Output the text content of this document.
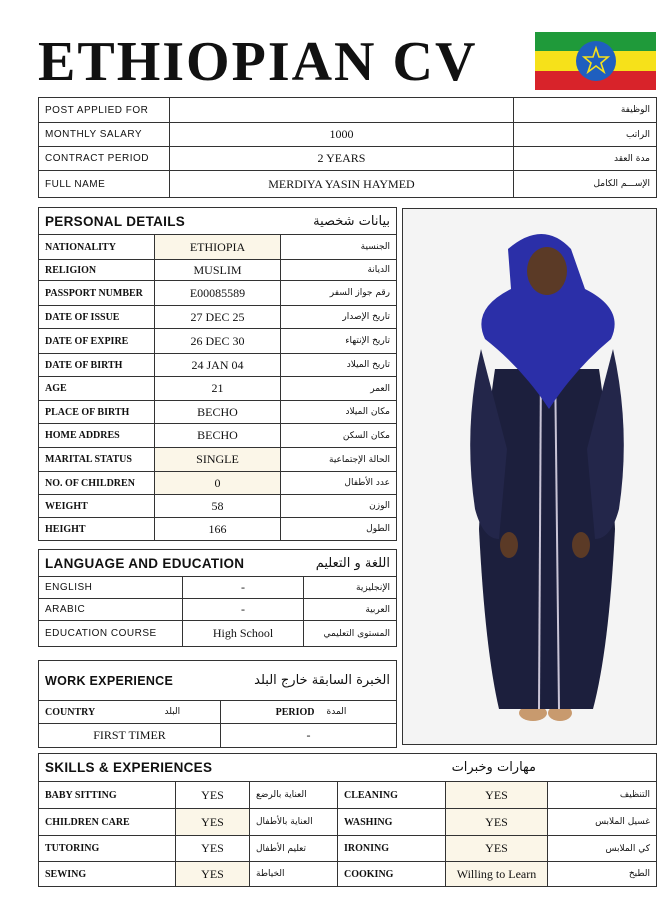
ETHIOPIAN CV
POST APPLIED FOR		الوظيفة
MONTHLY SALARY	1000	الراتب
CONTRACT PERIOD	2 YEARS	مدة العقد
FULL NAME	MERDIYA YASIN HAYMED	الإســـم الكامل
PERSONAL DETAILS		بيانات شخصية
NATIONALITY	ETHIOPIA	الجنسية
RELIGION	MUSLIM	الديانة
PASSPORT NUMBER	E00085589	رقم جواز السفر
DATE OF ISSUE	27 DEC 25	تاريخ الإصدار
DATE OF EXPIRE	26 DEC 30	تاريخ الإنتهاء
DATE OF BIRTH	24 JAN 04	تاريخ الميلاد
AGE	21	العمر
PLACE OF BIRTH	BECHO	مكان الميلاد
HOME ADDRES	BECHO	مكان السكن
MARITAL STATUS	SINGLE	الحالة الإجتماعية
NO. OF CHILDREN	0	عدد الأطفال
WEIGHT	58	الوزن
HEIGHT	166	الطول
LANGUAGE AND EDUCATION		اللغة و التعليم
ENGLISH	-	الإنجليزية
ARABIC	-	العربية
EDUCATION COURSE	High School	المستوى التعليمي
WORK EXPERIENCE		الخبرة السابقة خارج البلد	
COUNTRY	البلد	PERIOD	المدة
FIRST TIMER		-	
SKILLS & EXPERIENCES			مهارات وخبرات		
BABY SITTING	YES	العناية بالرضع	CLEANING	YES	التنظيف
CHILDREN CARE	YES	العناية بالأطفال	WASHING	YES	غسيل الملابس
TUTORING	YES	تعليم الأطفال	IRONING	YES	كي الملابس
SEWING	YES	الخياطة	COOKING	Willing to Learn	الطبخ
